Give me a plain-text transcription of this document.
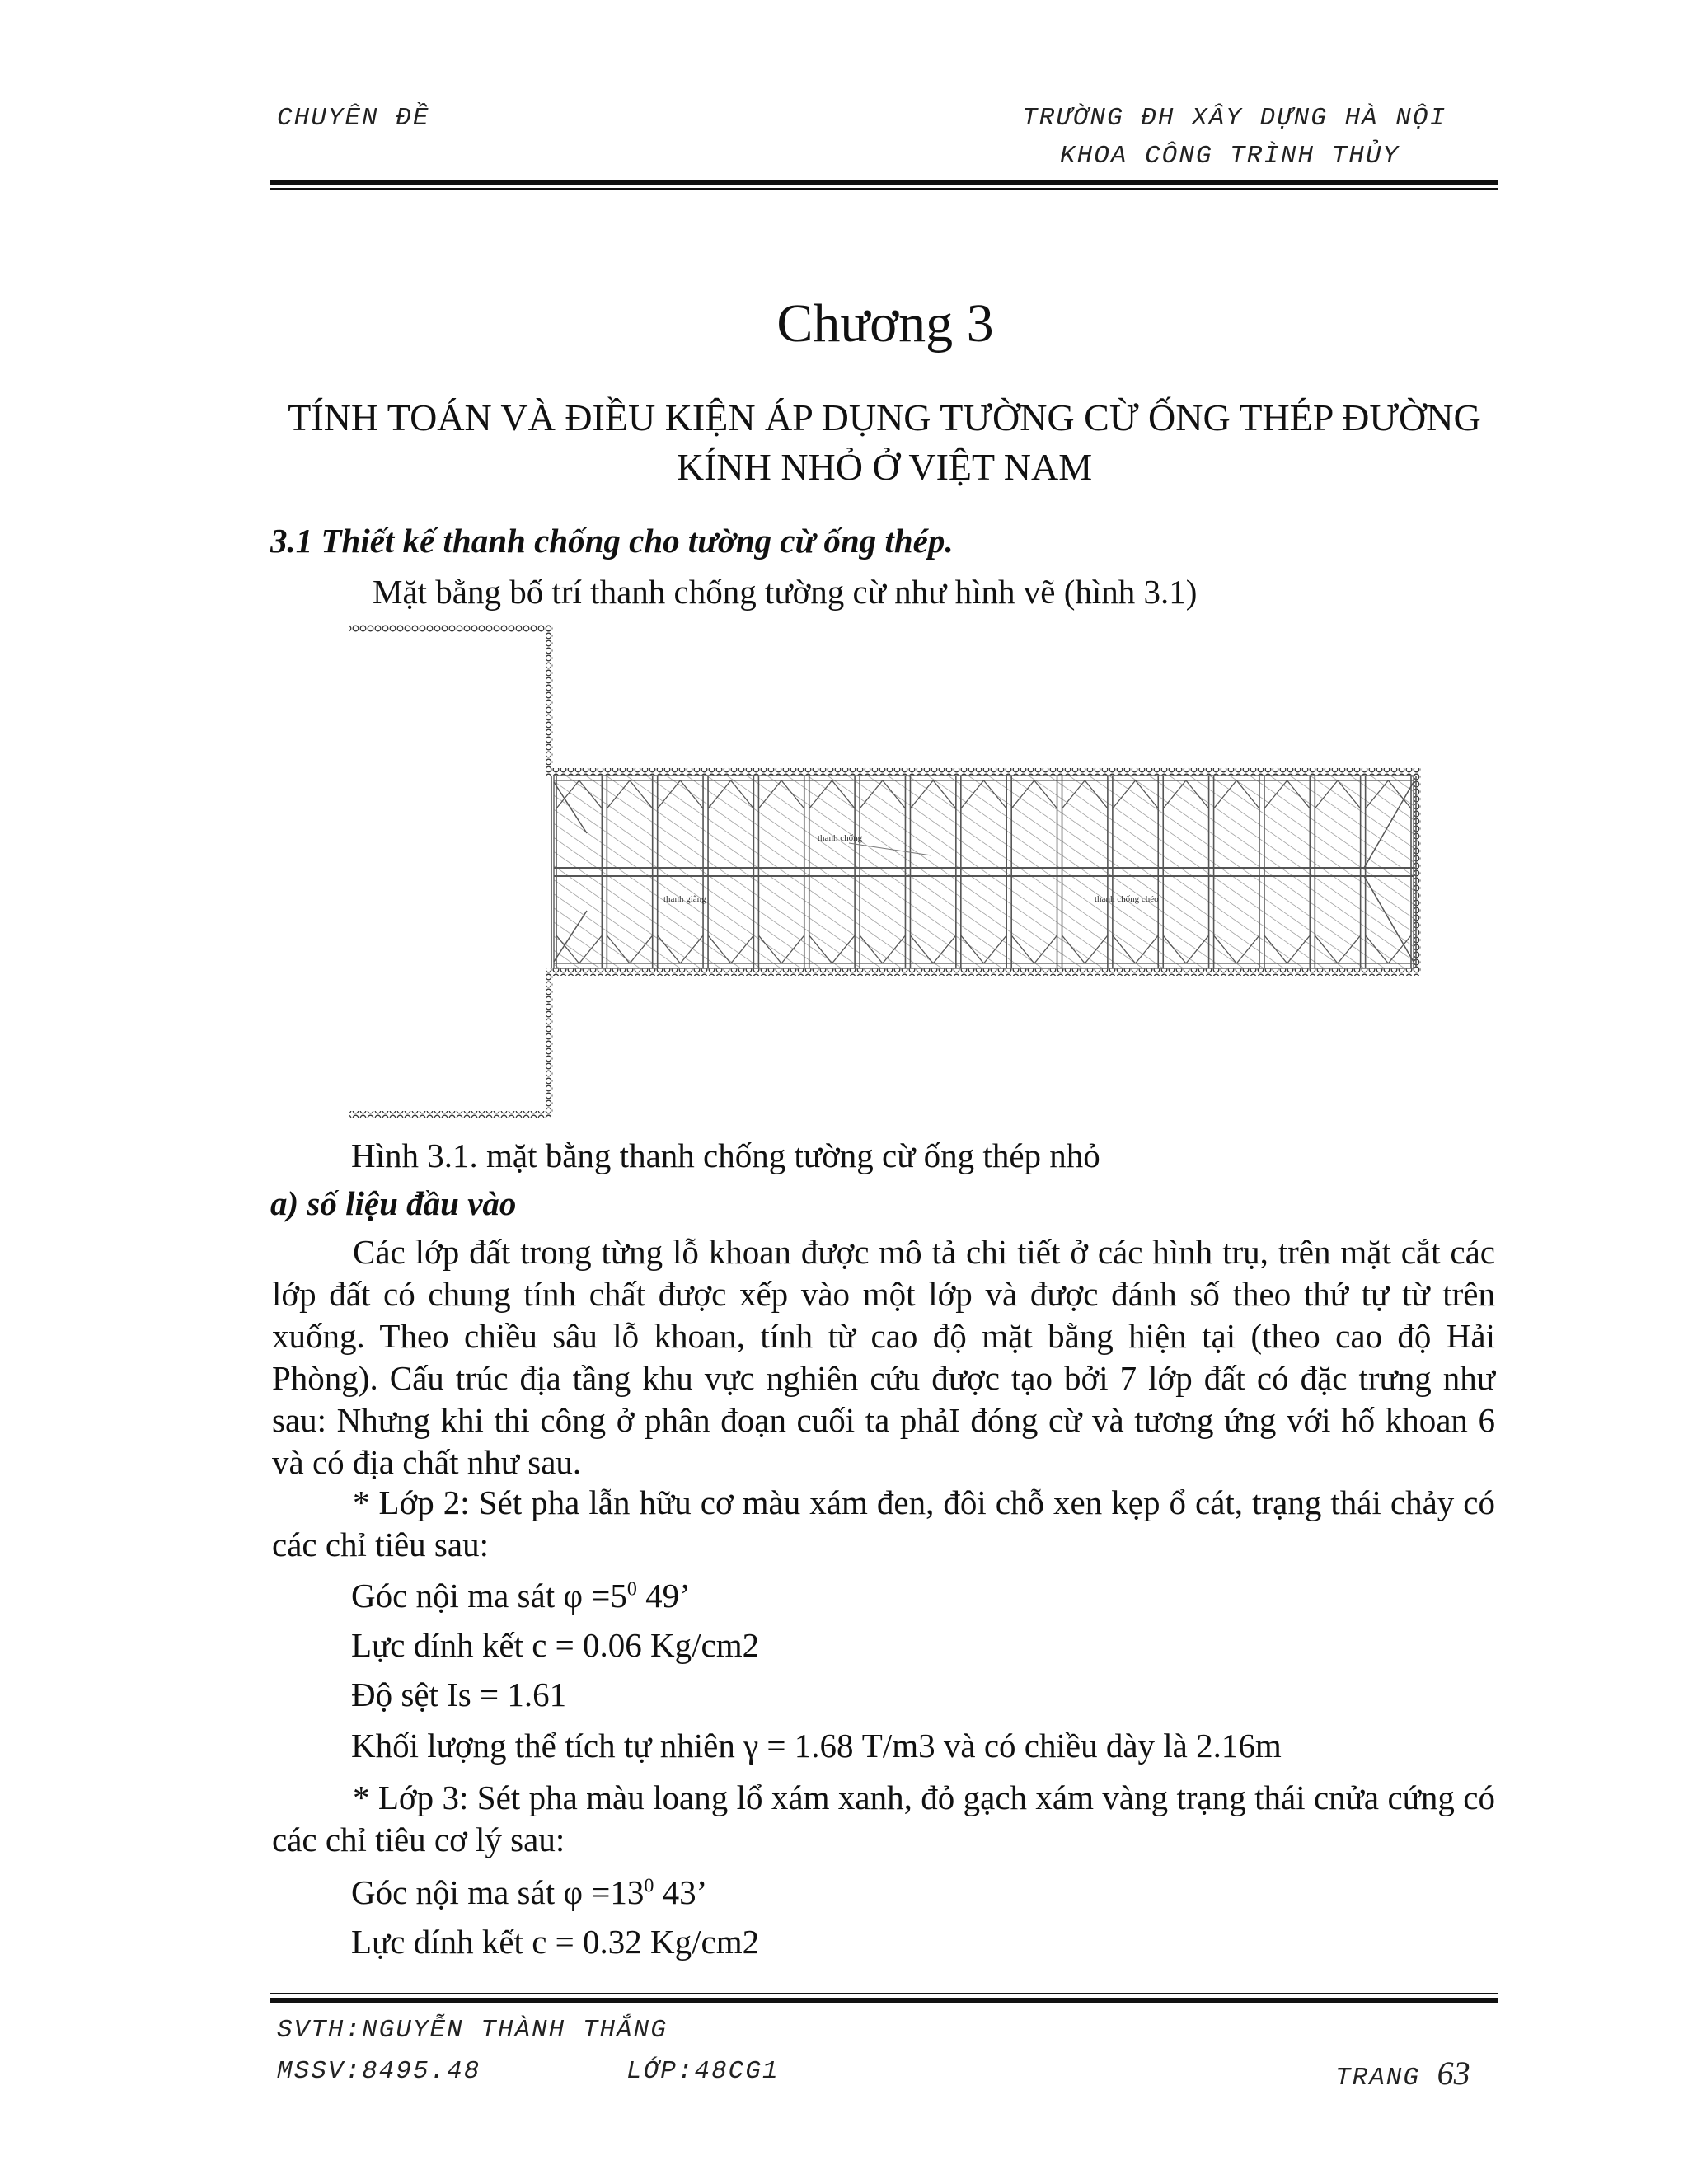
CHUYÊN ĐỀ	TRƯỜNG ĐH XÂY DỰNG HÀ NỘI
KHOA CÔNG TRÌNH THỦY
Chương 3
TÍNH TOÁN VÀ ĐIỀU KIỆN ÁP DỤNG TƯỜNG CỪ ỐNG THÉP ĐƯỜNG
KÍNH NHỎ Ở VIỆT NAM
3.1 Thiết kế thanh chống cho tường cừ ống thép.
Mặt bằng bố trí thanh chống tường cừ như hình vẽ (hình 3.1)
thanh chống
thanh giằng	thanh chống chéo
Hình 3.1. mặt bằng thanh chống tường cừ ống thép nhỏ
a) số liệu đầu vào
Các lớp đất trong từng lỗ khoan được mô tả chi tiết ở các hình trụ, trên mặt cắt các lớp đất có chung tính chất được xếp vào một lớp và được đánh số theo thứ tự từ trên xuống. Theo chiều sâu lỗ khoan, tính từ cao độ mặt bằng hiện tại (theo cao độ Hải Phòng). Cấu trúc địa tầng khu vực nghiên cứu được tạo bởi 7 lớp đất có đặc trưng như sau: Nhưng khi thi công ở phân đoạn cuối ta phảI đóng cừ và tương ứng với hố khoan 6 và có địa chất như sau.
* Lớp 2: Sét pha lẫn hữu cơ màu xám đen, đôi chỗ xen kẹp ổ cát, trạng thái chảy có các chỉ tiêu sau:
Góc nội ma sát $\varphi =5^0$ 49’
Lực dính kết c = 0.06 Kg/cm2
Độ sệt Is = 1.61
Khối lượng thể tích tự nhiên γ = 1.68 T/m3 và có chiều dày là 2.16m
* Lớp 3: Sét pha màu loang lổ xám xanh, đỏ gạch xám vàng trạng thái cnửa cứng có các chỉ tiêu cơ lý sau:
Góc nội ma sát $\varphi =13^0$ 43’
Lực dính kết c = 0.32 Kg/cm2
SVTH:NGUYỄN THÀNH THẮNG
MSSV:8495.48	LỚP:48CG1	TRANG 63
